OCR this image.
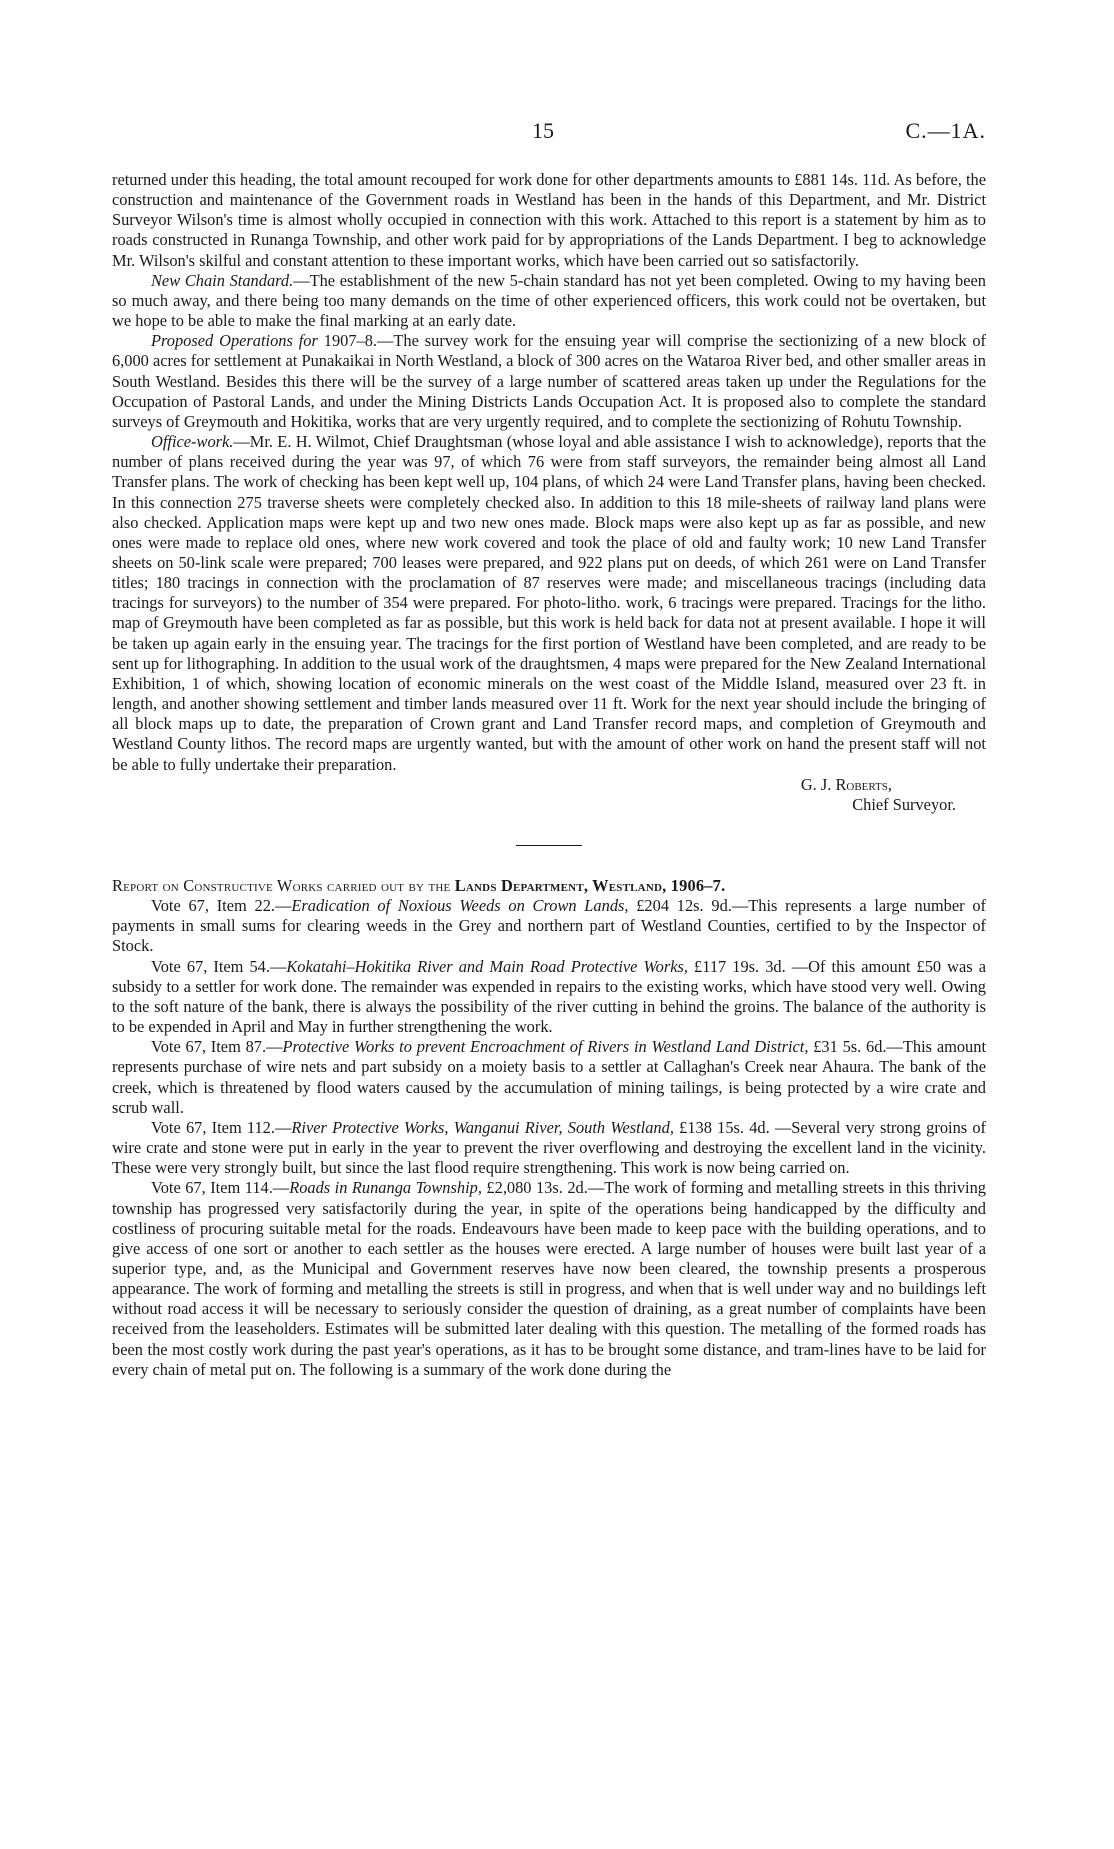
15	C.—1A.

returned under this heading, the total amount recouped for work done for other departments amounts to £881 14s. 11d. As before, the construction and maintenance of the Government roads in Westland has been in the hands of this Department, and Mr. District Surveyor Wilson's time is almost wholly occupied in connection with this work. Attached to this report is a statement by him as to roads constructed in Runanga Township, and other work paid for by appropriations of the Lands Department. I beg to acknowledge Mr. Wilson's skilful and constant attention to these important works, which have been carried out so satisfactorily.

New Chain Standard.—The establishment of the new 5-chain standard has not yet been completed. Owing to my having been so much away, and there being too many demands on the time of other experienced officers, this work could not be overtaken, but we hope to be able to make the final marking at an early date.

Proposed Operations for 1907–8.—The survey work for the ensuing year will comprise the sectionizing of a new block of 6,000 acres for settlement at Punakaikai in North Westland, a block of 300 acres on the Wataroa River bed, and other smaller areas in South Westland. Besides this there will be the survey of a large number of scattered areas taken up under the Regulations for the Occupation of Pastoral Lands, and under the Mining Districts Lands Occupation Act. It is proposed also to complete the standard surveys of Greymouth and Hokitika, works that are very urgently required, and to complete the sectionizing of Rohutu Township.

Office-work.—Mr. E. H. Wilmot, Chief Draughtsman (whose loyal and able assistance I wish to acknowledge), reports that the number of plans received during the year was 97, of which 76 were from staff surveyors, the remainder being almost all Land Transfer plans. The work of checking has been kept well up, 104 plans, of which 24 were Land Transfer plans, having been checked. In this connection 275 traverse sheets were completely checked also. In addition to this 18 mile-sheets of railway land plans were also checked. Application maps were kept up and two new ones made. Block maps were also kept up as far as possible, and new ones were made to replace old ones, where new work covered and took the place of old and faulty work; 10 new Land Transfer sheets on 50-link scale were prepared; 700 leases were prepared, and 922 plans put on deeds, of which 261 were on Land Transfer titles; 180 tracings in connection with the proclamation of 87 reserves were made; and miscellaneous tracings (including data tracings for surveyors) to the number of 354 were prepared. For photo-litho. work, 6 tracings were prepared. Tracings for the litho. map of Greymouth have been completed as far as possible, but this work is held back for data not at present available. I hope it will be taken up again early in the ensuing year. The tracings for the first portion of Westland have been completed, and are ready to be sent up for lithographing. In addition to the usual work of the draughtsmen, 4 maps were prepared for the New Zealand International Exhibition, 1 of which, showing location of economic minerals on the west coast of the Middle Island, measured over 23 ft. in length, and another showing settlement and timber lands measured over 11 ft. Work for the next year should include the bringing of all block maps up to date, the preparation of Crown grant and Land Transfer record maps, and completion of Greymouth and Westland County lithos. The record maps are urgently wanted, but with the amount of other work on hand the present staff will not be able to fully undertake their preparation.

G. J. Roberts,
Chief Surveyor.

Report on Constructive Works carried out by the Lands Department, Westland, 1906–7.

Vote 67, Item 22.—Eradication of Noxious Weeds on Crown Lands, £204 12s. 9d.—This represents a large number of payments in small sums for clearing weeds in the Grey and northern part of Westland Counties, certified to by the Inspector of Stock.

Vote 67, Item 54.—Kokatahi–Hokitika River and Main Road Protective Works, £117 19s. 3d. —Of this amount £50 was a subsidy to a settler for work done. The remainder was expended in repairs to the existing works, which have stood very well. Owing to the soft nature of the bank, there is always the possibility of the river cutting in behind the groins. The balance of the authority is to be expended in April and May in further strengthening the work.

Vote 67, Item 87.—Protective Works to prevent Encroachment of Rivers in Westland Land District, £31 5s. 6d.—This amount represents purchase of wire nets and part subsidy on a moiety basis to a settler at Callaghan's Creek near Ahaura. The bank of the creek, which is threatened by flood waters caused by the accumulation of mining tailings, is being protected by a wire crate and scrub wall.

Vote 67, Item 112.—River Protective Works, Wanganui River, South Westland, £138 15s. 4d. —Several very strong groins of wire crate and stone were put in early in the year to prevent the river overflowing and destroying the excellent land in the vicinity. These were very strongly built, but since the last flood require strengthening. This work is now being carried on.

Vote 67, Item 114.—Roads in Runanga Township, £2,080 13s. 2d.—The work of forming and metalling streets in this thriving township has progressed very satisfactorily during the year, in spite of the operations being handicapped by the difficulty and costliness of procuring suitable metal for the roads. Endeavours have been made to keep pace with the building operations, and to give access of one sort or another to each settler as the houses were erected. A large number of houses were built last year of a superior type, and, as the Municipal and Government reserves have now been cleared, the township presents a prosperous appearance. The work of forming and metalling the streets is still in progress, and when that is well under way and no buildings left without road access it will be necessary to seriously consider the question of draining, as a great number of complaints have been received from the leaseholders. Estimates will be submitted later dealing with this question. The metalling of the formed roads has been the most costly work during the past year's operations, as it has to be brought some distance, and tram-lines have to be laid for every chain of metal put on. The following is a summary of the work done during the
